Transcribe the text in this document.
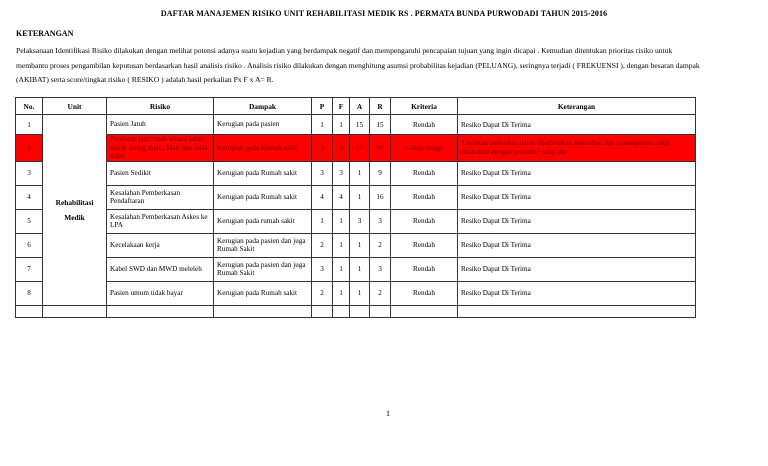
DAFTAR MANAJEMEN RISIKO UNIT REHABILITASI MEDIK RS . PERMATA BUNDA PURWODADI TAHUN 2015-2016
KETERANGAN
Pelaksanaan Identifikasi Risiko dilakukan dengan melihat potensi adanya suatu kejadian yang berdampak negatif dan mempengaruhi pencapaian tujuan yang ingin dicapai . Kemudian ditentukan prioritas risiko untuk membantu proses pengambilan keputusan berdasarkan hasil analisis risiko . Analisis risiko dilakukan dengan menghitung asumsi probabilitas kejadian (PELUANG), seringnya terjadi ( FREKUENSI ), dengan besaran dampak (AKIBAT) serta score/tingkat risiko ( RESIKO ) adalah hasil perkalian Px F x A= R.
No.	Unit	Risiko	Dampak	P	F	A	R	Kriteria	Keterangan
1	Rehabilitasi Medik	Pasien Jatuh	Kerugian pada pasien	1	1	15	15	Rendah	Resiko Dapat Di Terima
2		Peralatan jadi rusak semua kalau listrik sering mati . Mati dan tidak stabil	Kerugian pada Rumah sakit	3	2	15	90	Cukup tinggi	Tindakan perbaikan dapat dijadwalkan kemudian dan penanganan cukup dilakukan dengan prosedur yang ada
3		Pasien Sedikit	Kerugian pada Rumah sakit	3	3	1	9	Rendah	Resiko Dapat Di Terima
4		Kesalahan Pemberkasan Pendaftaran	Kerugian pada Rumah sakit	4	4	1	16	Rendah	Resiko Dapat Di Terima
5		Kesalahan Pemberkasan Askes ke LPA	Kerugian pada rumah sakit	1	1	3	3	Rendah	Resiko Dapat Di Terima
6		Kecelakaan kerja	Kerugian pada pasien dan juga Rumah Sakit	2	1	1	2	Rendah	Resiko Dapat Di Terima
7		Kabel SWD dan MWD meleleh	Kerugian pada pasien dan juga Rumah Sakit	3	1	1	3	Rendah	Resiko Dapat Di Terima
8		Pasien umum tidak bayar	Kerugian pada Rumah sakit	2	1	1	2	Rendah	Resiko Dapat Di Terima

1
